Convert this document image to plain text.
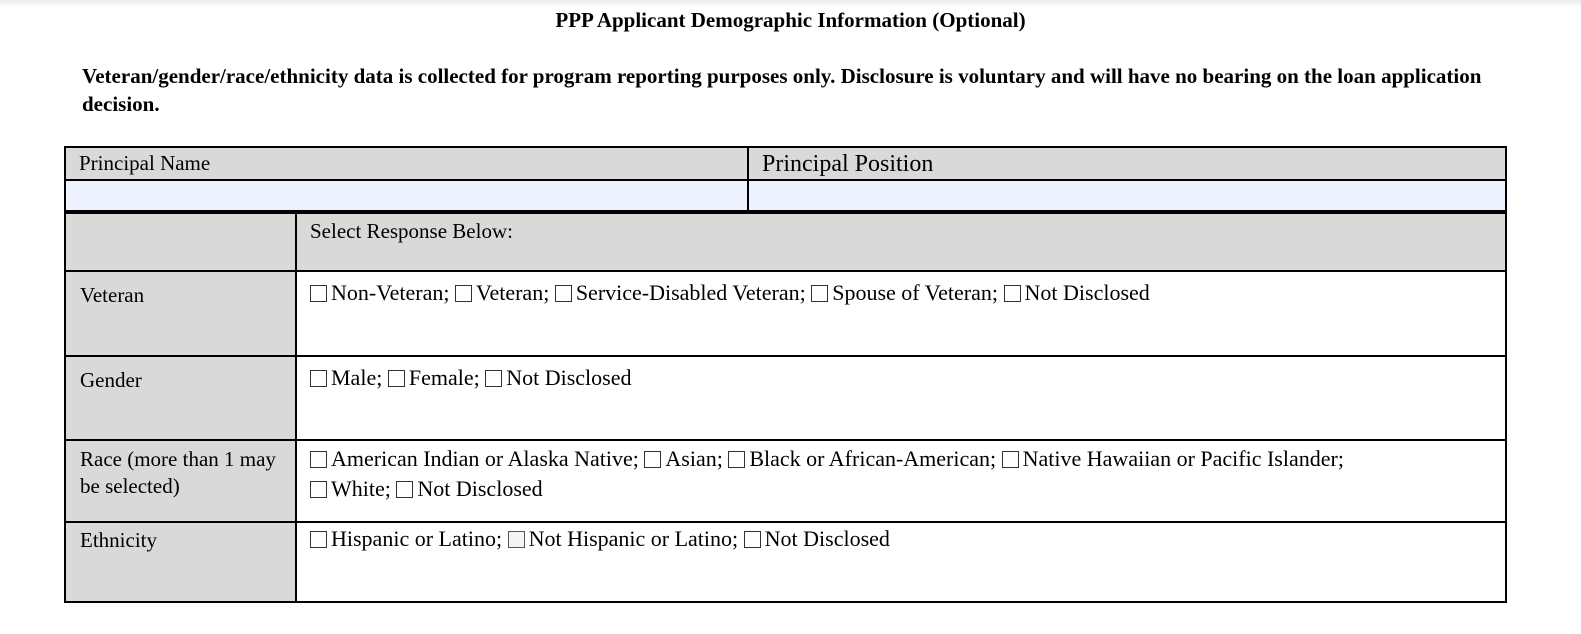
PPP Applicant Demographic Information (Optional)
Veteran/gender/race/ethnicity data is collected for program reporting purposes only. Disclosure is voluntary and will have no bearing on the loan application decision.
Principal Name	Principal Position

	Select Response Below:
Veteran	Non-Veteran; Veteran; Service-Disabled Veteran; Spouse of Veteran; Not Disclosed
Gender	Male; Female; Not Disclosed
Race (more than 1 may be selected)	American Indian or Alaska Native; Asian; Black or African-American; Native Hawaiian or Pacific Islander;
White; Not Disclosed
Ethnicity	Hispanic or Latino; Not Hispanic or Latino; Not Disclosed
